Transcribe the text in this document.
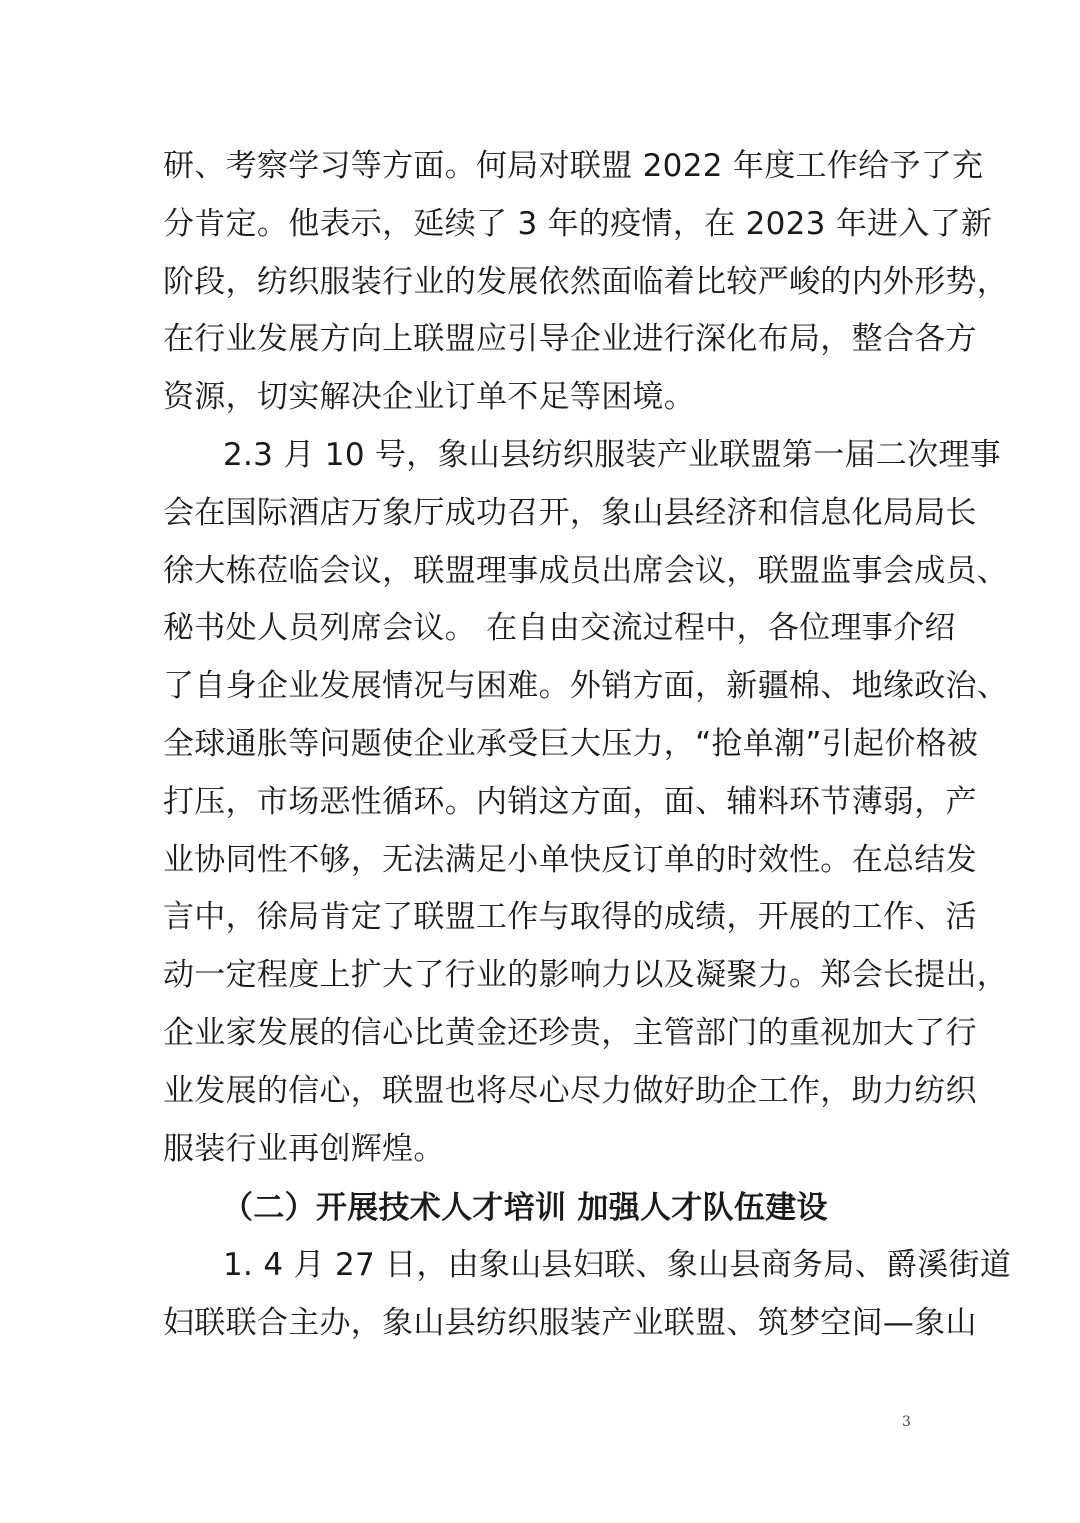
研、考察学习等方面。何局对联盟 2022 年度工作给予了充
分肯定。他表示，延续了 3 年的疫情，在 2023 年进入了新
阶段，纺织服装行业的发展依然面临着比较严峻的内外形势，
在行业发展方向上联盟应引导企业进行深化布局，整合各方
资源，切实解决企业订单不足等困境。
2.3 月 10 号，象山县纺织服装产业联盟第一届二次理事
会在国际酒店万象厅成功召开，象山县经济和信息化局局长
徐大栋莅临会议，联盟理事成员出席会议，联盟监事会成员、
秘书处人员列席会议。 在自由交流过程中，各位理事介绍
了自身企业发展情况与困难。外销方面，新疆棉、地缘政治、
全球通胀等问题使企业承受巨大压力，“抢单潮”引起价格被
打压，市场恶性循环。内销这方面，面、辅料环节薄弱，产
业协同性不够，无法满足小单快反订单的时效性。在总结发
言中，徐局肯定了联盟工作与取得的成绩，开展的工作、活
动一定程度上扩大了行业的影响力以及凝聚力。郑会长提出，
企业家发展的信心比黄金还珍贵，主管部门的重视加大了行
业发展的信心，联盟也将尽心尽力做好助企工作，助力纺织
服装行业再创辉煌。
（二）开展技术人才培训 加强人才队伍建设
1. 4 月 27 日，由象山县妇联、象山县商务局、爵溪街道
妇联联合主办，象山县纺织服装产业联盟、筑梦空间—象山
3
